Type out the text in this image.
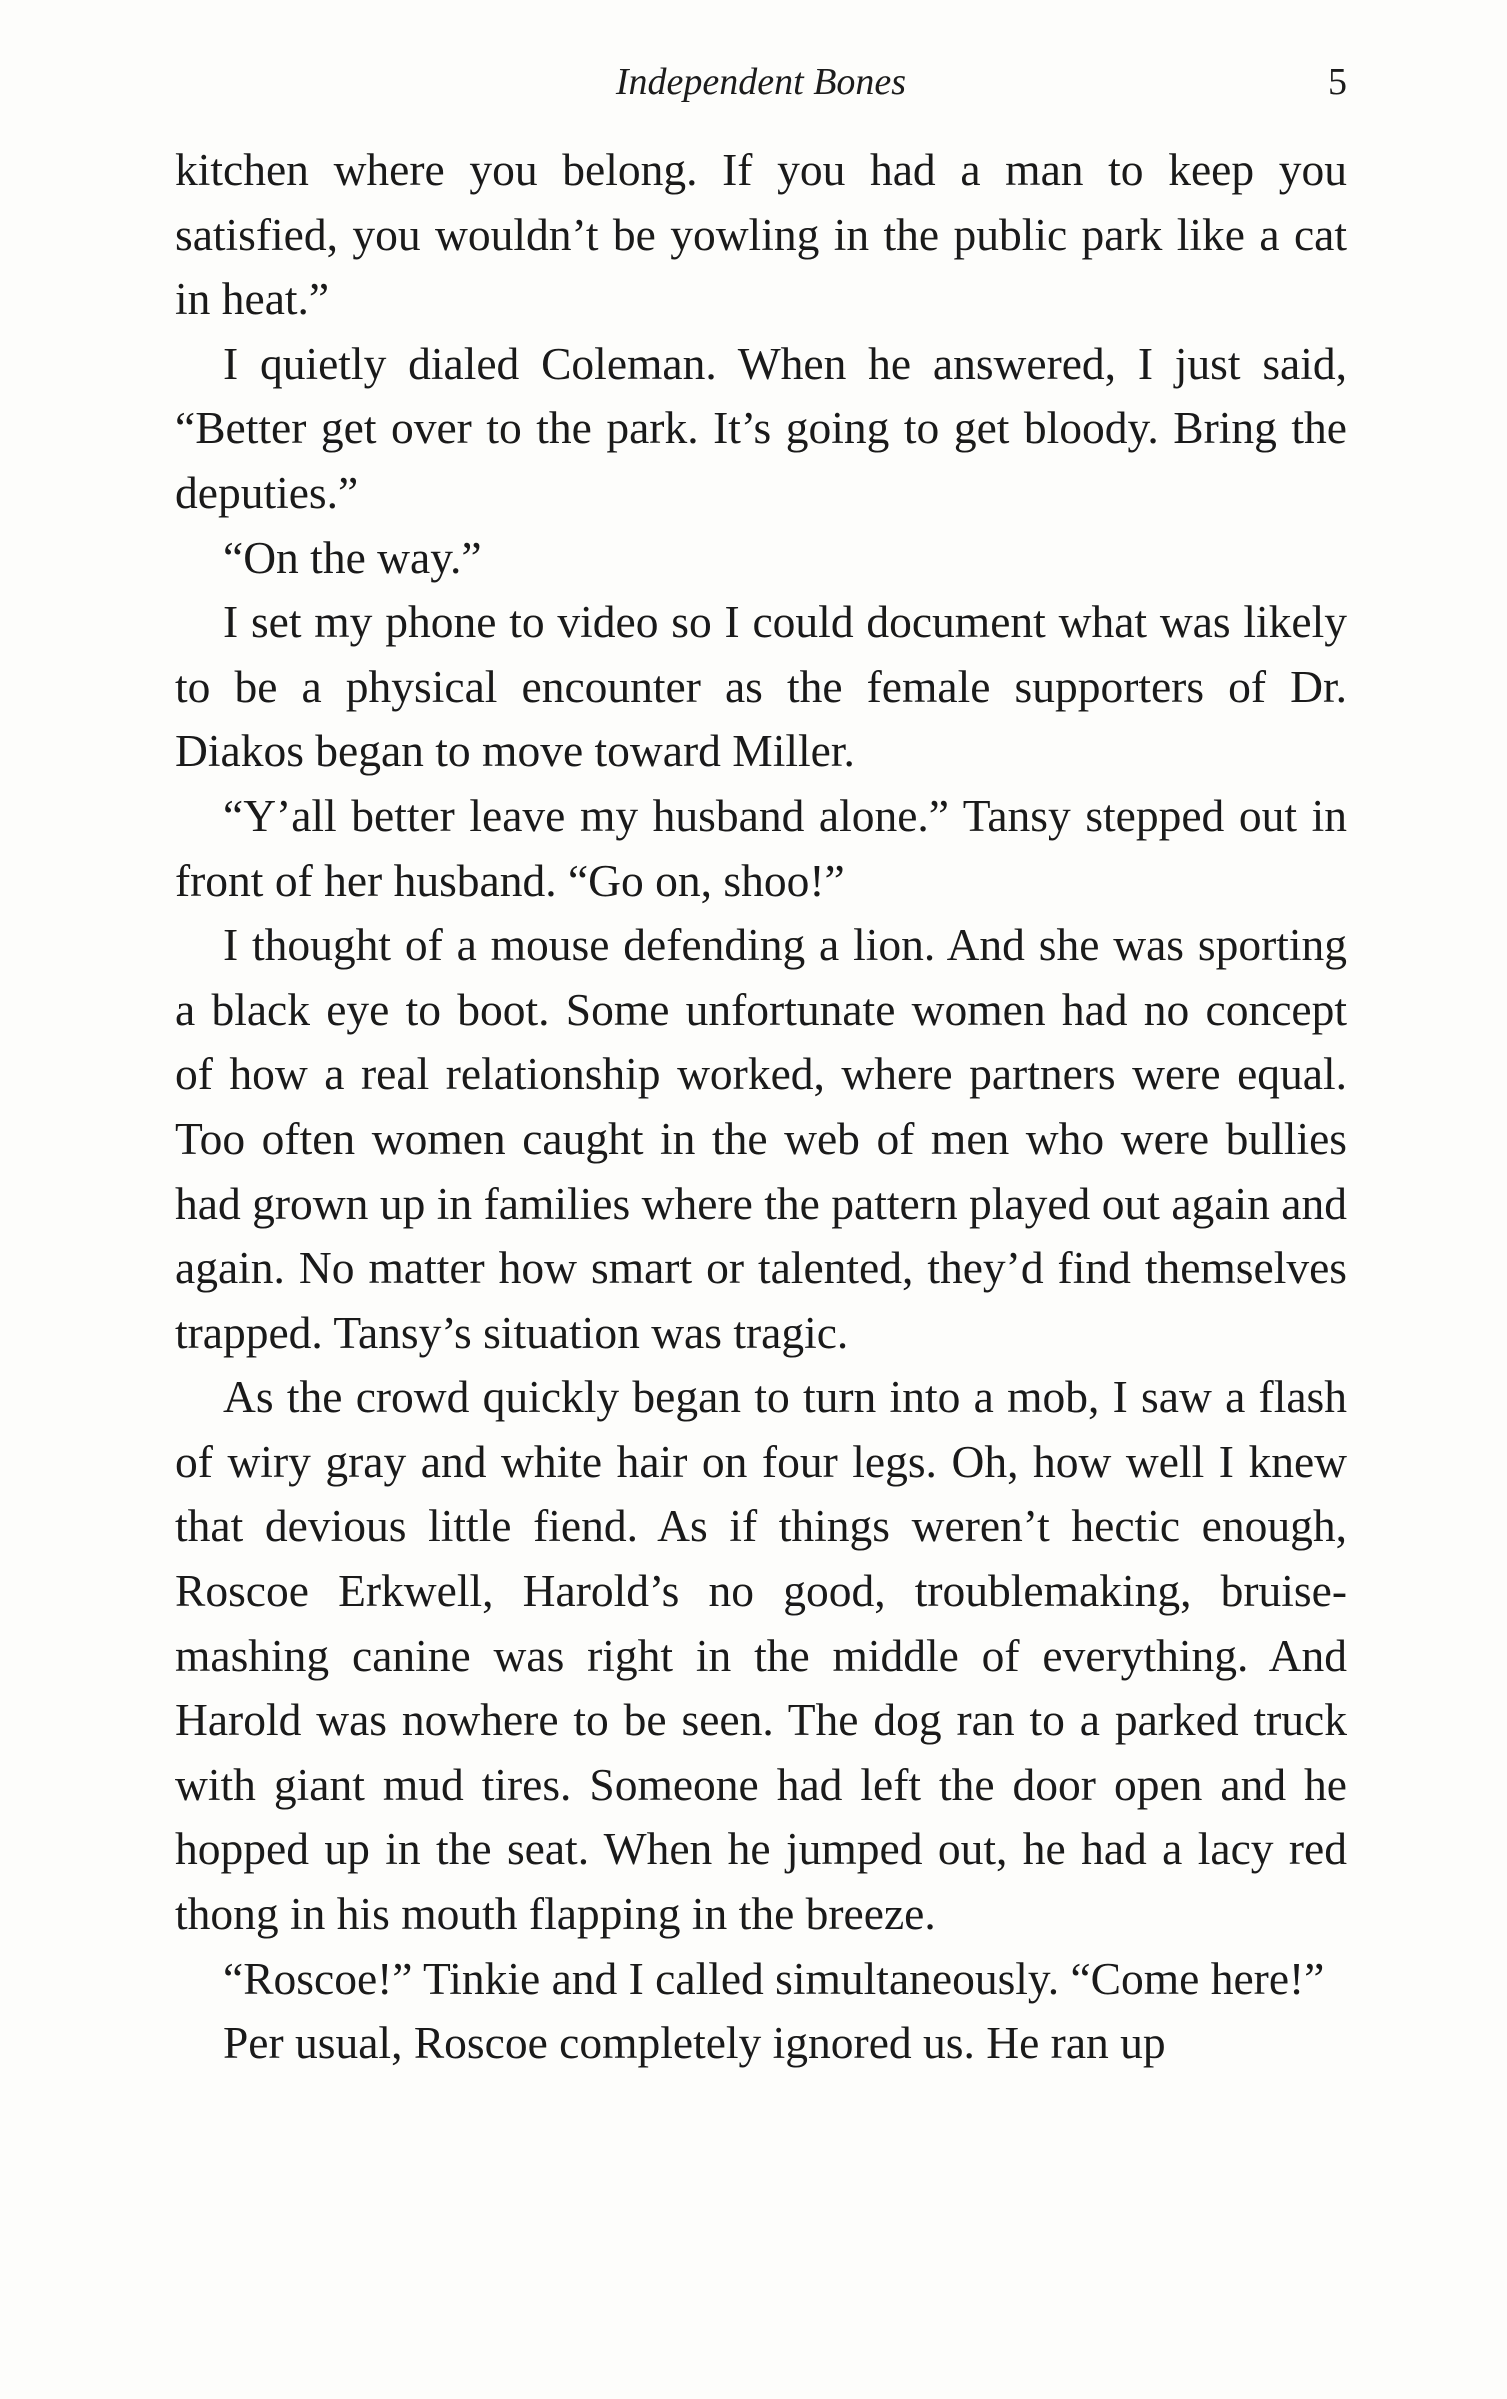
Independent Bones	5

kitchen where you belong. If you had a man to keep you satisfied, you wouldn’t be yowling in the public park like a cat in heat.”

I quietly dialed Coleman. When he answered, I just said, “Better get over to the park. It’s going to get bloody. Bring the deputies.”

“On the way.”

I set my phone to video so I could document what was likely to be a physical encounter as the female supporters of Dr. Diakos began to move toward Miller.

“Y’all better leave my husband alone.” Tansy stepped out in front of her husband. “Go on, shoo!”

I thought of a mouse defending a lion. And she was sporting a black eye to boot. Some unfortunate women had no concept of how a real relationship worked, where partners were equal. Too often women caught in the web of men who were bullies had grown up in families where the pattern played out again and again. No matter how smart or talented, they’d find themselves trapped. Tansy’s situation was tragic.

As the crowd quickly began to turn into a mob, I saw a flash of wiry gray and white hair on four legs. Oh, how well I knew that devious little fiend. As if things weren’t hectic enough, Roscoe Erkwell, Harold’s no good, troublemaking, bruise-mashing canine was right in the middle of everything. And Harold was nowhere to be seen. The dog ran to a parked truck with giant mud tires. Someone had left the door open and he hopped up in the seat. When he jumped out, he had a lacy red thong in his mouth flapping in the breeze.

“Roscoe!” Tinkie and I called simultaneously. “Come here!”

Per usual, Roscoe completely ignored us. He ran up
